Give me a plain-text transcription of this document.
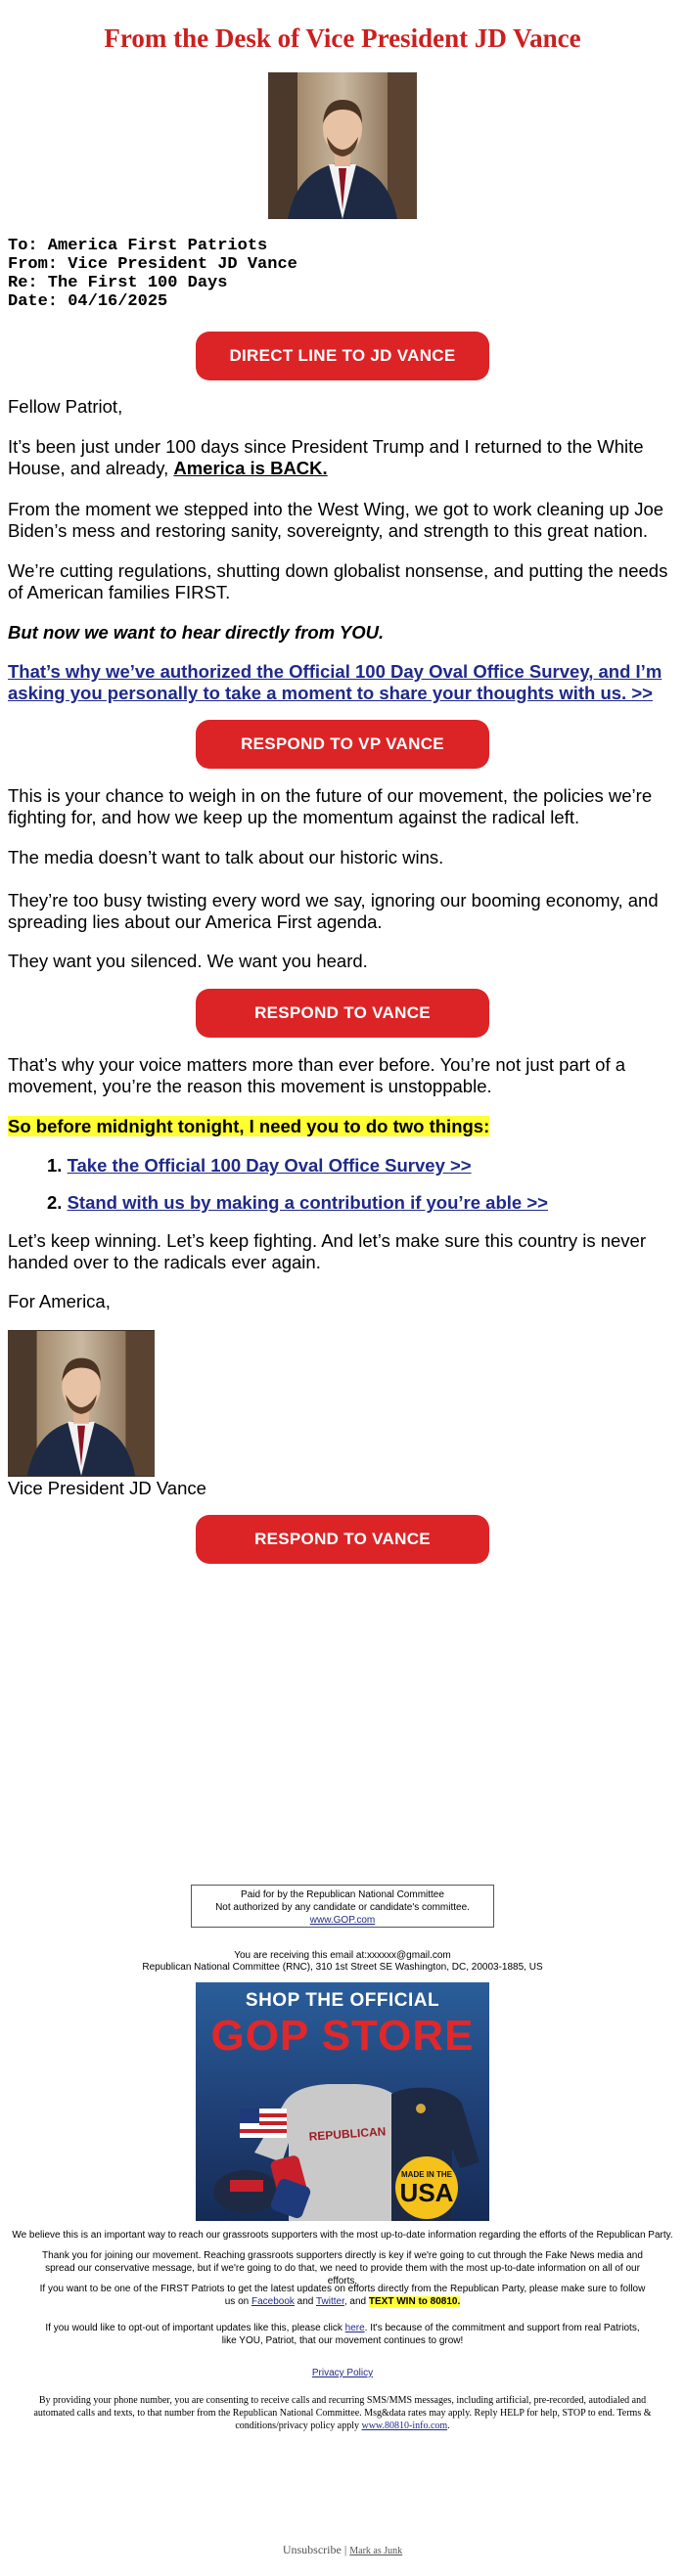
From the Desk of Vice President JD Vance
To: America First Patriots
From: Vice President JD Vance
Re: The First 100 Days
Date: 04/16/2025
DIRECT LINE TO JD VANCE
Fellow Patriot,
It’s been just under 100 days since President Trump and I returned to the White House, and already, America is BACK.
From the moment we stepped into the West Wing, we got to work cleaning up Joe Biden’s mess and restoring sanity, sovereignty, and strength to this great nation.
We’re cutting regulations, shutting down globalist nonsense, and putting the needs of American families FIRST.
But now we want to hear directly from YOU.
That’s why we’ve authorized the Official 100 Day Oval Office Survey, and I’m asking you personally to take a moment to share your thoughts with us. >>
RESPOND TO VP VANCE
This is your chance to weigh in on the future of our movement, the policies we’re fighting for, and how we keep up the momentum against the radical left.
The media doesn’t want to talk about our historic wins.
They’re too busy twisting every word we say, ignoring our booming economy, and spreading lies about our America First agenda.
They want you silenced. We want you heard.
RESPOND TO VANCE
That’s why your voice matters more than ever before. You’re not just part of a movement, you’re the reason this movement is unstoppable.
So before midnight tonight, I need you to do two things:
1. Take the Official 100 Day Oval Office Survey >>
2. Stand with us by making a contribution if you’re able >>
Let’s keep winning. Let’s keep fighting. And let’s make sure this country is never handed over to the radicals ever again.
For America,
Vice President JD Vance
RESPOND TO VANCE
Paid for by the Republican National Committee
Not authorized by any candidate or candidate's committee.
www.GOP.com
You are receiving this email at:xxxxxx@gmail.com
Republican National Committee (RNC), 310 1st Street SE Washington, DC, 20003-1885, US
SHOP THE OFFICIAL
GOP STORE
MADE IN THE
USA
REPUBLICAN
We believe this is an important way to reach our grassroots supporters with the most up-to-date information regarding the efforts of the Republican Party.
Thank you for joining our movement. Reaching grassroots supporters directly is key if we're going to cut through the Fake News media and spread our conservative message, but if we're going to do that, we need to provide them with the most up-to-date information on all of our efforts.
If you want to be one of the FIRST Patriots to get the latest updates on efforts directly from the Republican Party, please make sure to follow us on Facebook and Twitter, and TEXT WIN to 80810.
If you would like to opt-out of important updates like this, please click here. It's because of the commitment and support from real Patriots, like YOU, Patriot, that our movement continues to grow!
Privacy Policy
By providing your phone number, you are consenting to receive calls and recurring SMS/MMS messages, including artificial, pre-recorded, autodialed and automated calls and texts, to that number from the Republican National Committee. Msg&data rates may apply. Reply HELP for help, STOP to end. Terms & conditions/privacy policy apply www.80810-info.com.
Unsubscribe | Mark as Junk
